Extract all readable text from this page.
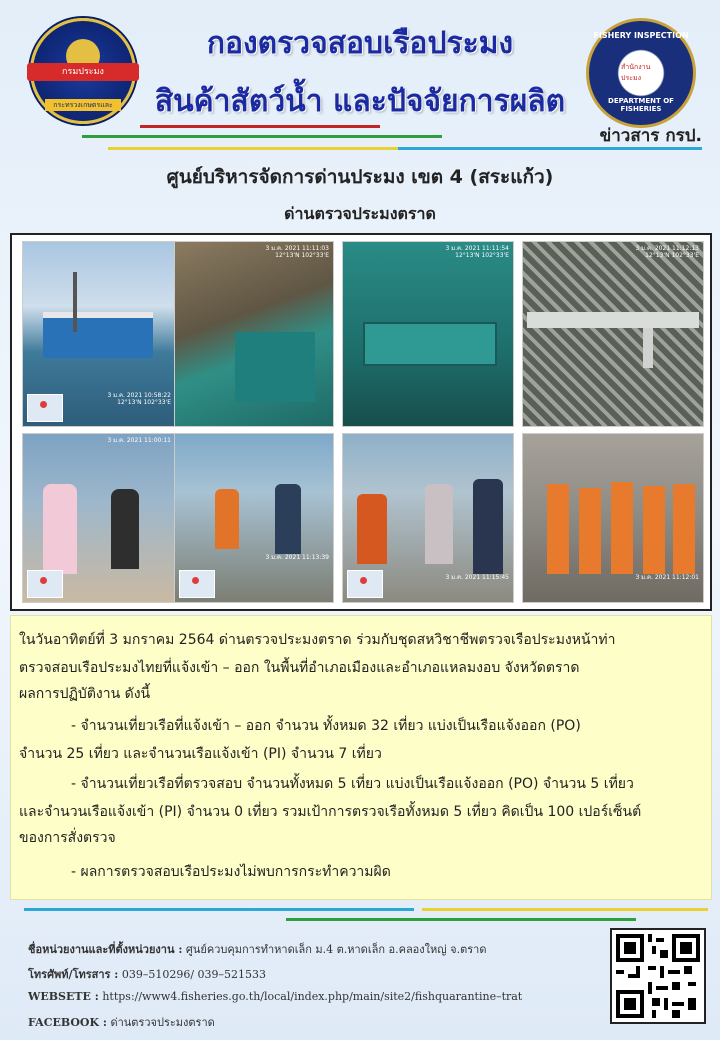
กรมประมง
กระทรวงเกษตรและสหกรณ์
FISHERY INSPECTION
สำนักงานประมง
DEPARTMENT OF FISHERIES
กองตรวจสอบเรือประมง
สินค้าสัตว์น้ำ และปัจจัยการผลิต
ข่าวสาร กรป.
ศูนย์บริหารจัดการด่านประมง เขต 4 (สระแก้ว)
ด่านตรวจประมงตราด
3 ม.ค. 2021 10:58:22
12°13'N 102°33'E
3 ม.ค. 2021 11:11:03
12°13'N 102°33'E
3 ม.ค. 2021 11:11:54
12°13'N 102°33'E
3 ม.ค. 2021 11:12:13
12°13'N 102°33'E
3 ม.ค. 2021 11:00:11
3 ม.ค. 2021 11:13:39
3 ม.ค. 2021 11:15:45	3 ม.ค. 2021 11:12:01

ในวันอาทิตย์ที่ 3 มกราคม 2564 ด่านตรวจประมงตราด ร่วมกับชุดสหวิชาชีพตรวจเรือประมงหน้าท่า

ตรวจสอบเรือประมงไทยที่แจ้งเข้า – ออก ในพื้นที่อำเภอเมืองและอำเภอแหลมงอบ จังหวัดตราด

ผลการปฏิบัติงาน ดังนี้

- จำนวนเที่ยวเรือที่แจ้งเข้า – ออก จำนวน ทั้งหมด 32 เที่ยว แบ่งเป็นเรือแจ้งออก (PO)

จำนวน 25 เที่ยว และจำนวนเรือแจ้งเข้า (PI) จำนวน 7 เที่ยว

- จำนวนเที่ยวเรือที่ตรวจสอบ จำนวนทั้งหมด 5 เที่ยว แบ่งเป็นเรือแจ้งออก (PO) จำนวน 5 เที่ยว

และจำนวนเรือแจ้งเข้า (PI) จำนวน 0 เที่ยว รวมเป้าการตรวจเรือทั้งหมด 5 เที่ยว คิดเป็น 100 เปอร์เซ็นต์

ของการสั่งตรวจ

- ผลการตรวจสอบเรือประมงไม่พบการกระทำความผิด

ชื่อหน่วยงานและที่ตั้งหน่วยงาน : ศูนย์ควบคุมการทำหาดเล็ก ม.4 ต.หาดเล็ก อ.คลองใหญ่ จ.ตราด
โทรศัพท์/โทรสาร : 039–510296/ 039–521533
WEBSETE : https://www4.fisheries.go.th/local/index.php/main/site2/fishquarantine–trat
FACEBOOK : ด่านตรวจประมงตราด
